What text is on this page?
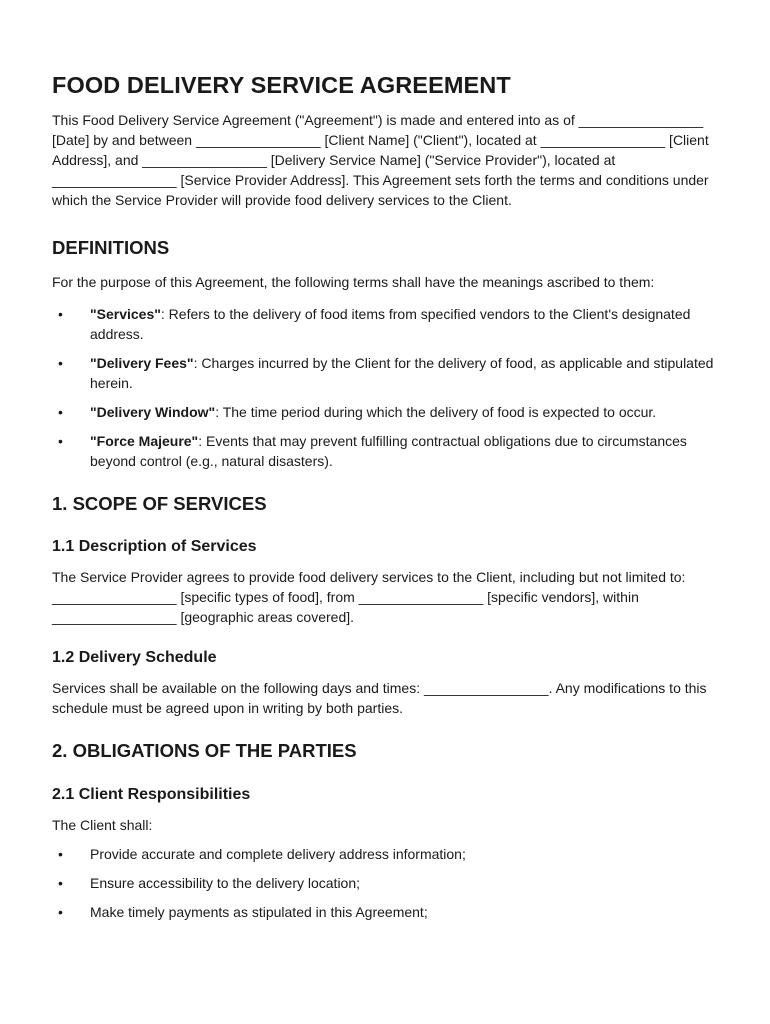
FOOD DELIVERY SERVICE AGREEMENT

This Food Delivery Service Agreement ("Agreement") is made and entered into as of ________________ [Date] by and between ________________ [Client Name] ("Client"), located at ________________ [Client Address], and ________________ [Delivery Service Name] ("Service Provider"), located at ________________ [Service Provider Address]. This Agreement sets forth the terms and conditions under which the Service Provider will provide food delivery services to the Client.

DEFINITIONS

For the purpose of this Agreement, the following terms shall have the meanings ascribed to them:

• "Services": Refers to the delivery of food items from specified vendors to the Client's designated address.
• "Delivery Fees": Charges incurred by the Client for the delivery of food, as applicable and stipulated herein.
• "Delivery Window": The time period during which the delivery of food is expected to occur.
• "Force Majeure": Events that may prevent fulfilling contractual obligations due to circumstances beyond control (e.g., natural disasters).
1. SCOPE OF SERVICES
1.1 Description of Services

The Service Provider agrees to provide food delivery services to the Client, including but not limited to: ________________ [specific types of food], from ________________ [specific vendors], within ________________ [geographic areas covered].

1.2 Delivery Schedule

Services shall be available on the following days and times: ________________. Any modifications to this schedule must be agreed upon in writing by both parties.

2. OBLIGATIONS OF THE PARTIES
2.1 Client Responsibilities

The Client shall:

• Provide accurate and complete delivery address information;
• Ensure accessibility to the delivery location;
• Make timely payments as stipulated in this Agreement;
